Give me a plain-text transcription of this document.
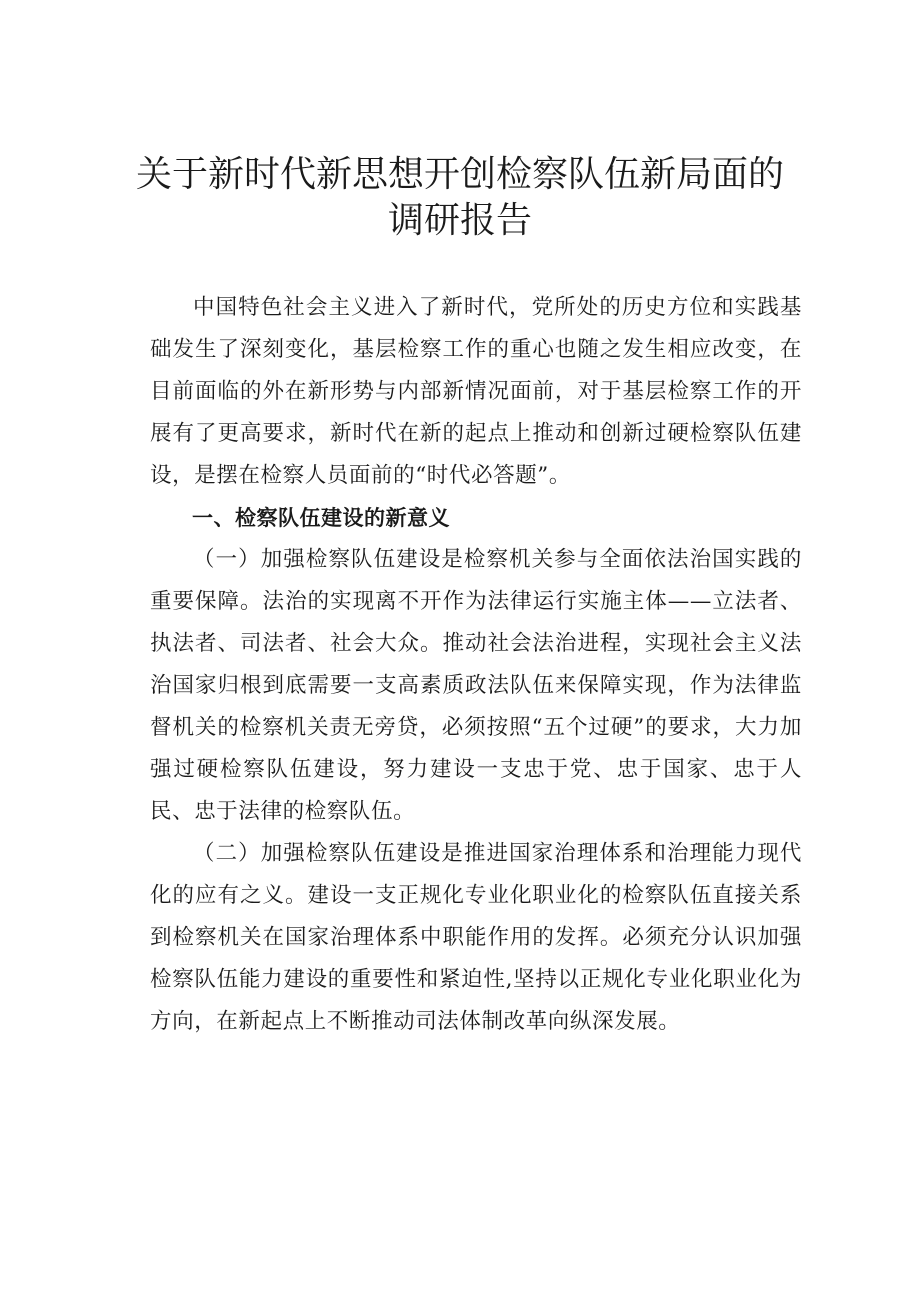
关于新时代新思想开创检察队伍新局面的
调研报告

中国特色社会主义进入了新时代，党所处的历史方位和实践基础发生了深刻变化，基层检察工作的重心也随之发生相应改变，在目前面临的外在新形势与内部新情况面前，对于基层检察工作的开展有了更高要求，新时代在新的起点上推动和创新过硬检察队伍建设，是摆在检察人员面前的“时代必答题”。

一、检察队伍建设的新意义

（一）加强检察队伍建设是检察机关参与全面依法治国实践的重要保障。法治的实现离不开作为法律运行实施主体——立法者、执法者、司法者、社会大众。推动社会法治进程，实现社会主义法治国家归根到底需要一支高素质政法队伍来保障实现，作为法律监督机关的检察机关责无旁贷，必须按照“五个过硬”的要求，大力加强过硬检察队伍建设，努力建设一支忠于党、忠于国家、忠于人民、忠于法律的检察队伍。

（二）加强检察队伍建设是推进国家治理体系和治理能力现代化的应有之义。建设一支正规化专业化职业化的检察队伍直接关系到检察机关在国家治理体系中职能作用的发挥。必须充分认识加强检察队伍能力建设的重要性和紧迫性,坚持以正规化专业化职业化为方向，在新起点上不断推动司法体制改革向纵深发展。
